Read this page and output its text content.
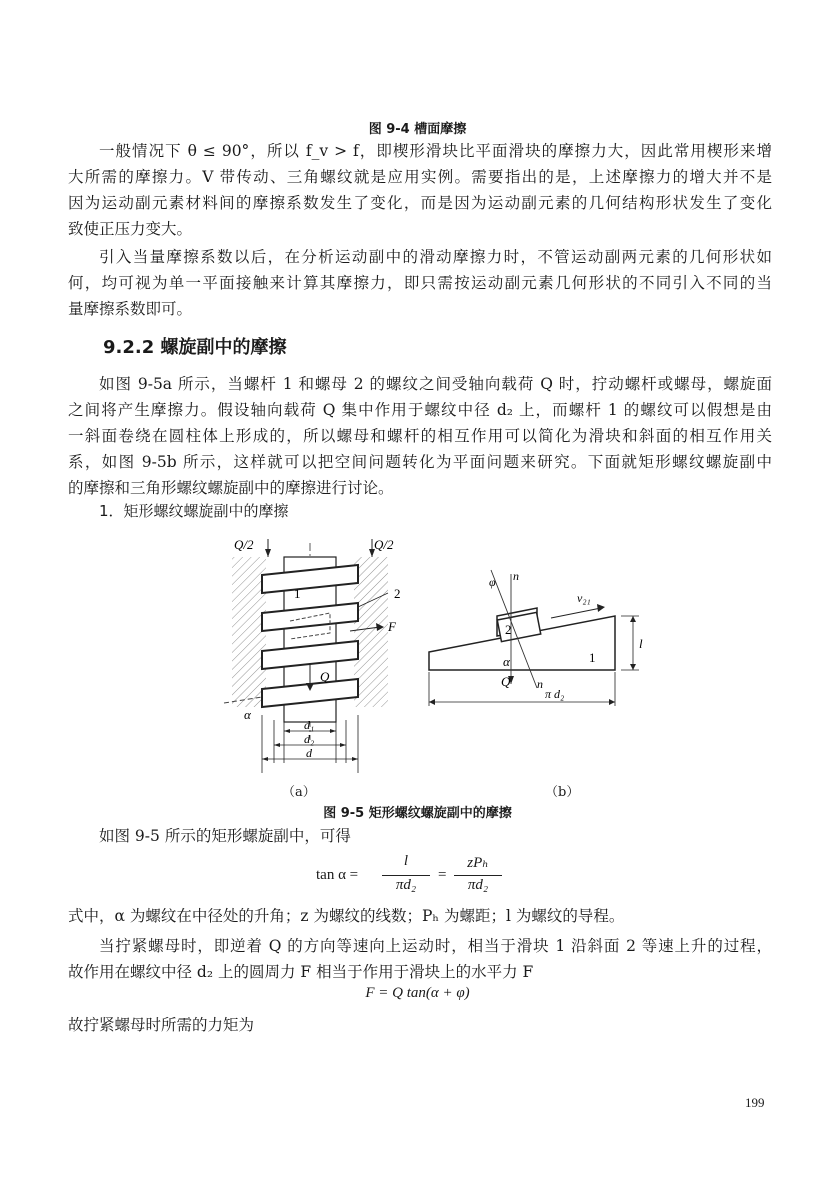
图 9-4 槽面摩擦
一般情况下 θ ≤ 90°，所以 f_v > f，即楔形滑块比平面滑块的摩擦力大，因此常用楔形来增
大所需的摩擦力。V 带传动、三角螺纹就是应用实例。需要指出的是，上述摩擦力的增大并不是
因为运动副元素材料间的摩擦系数发生了变化，而是因为运动副元素的几何结构形状发生了变化
致使正压力变大。
引入当量摩擦系数以后，在分析运动副中的滑动摩擦力时，不管运动副两元素的几何形状如
何，均可视为单一平面接触来计算其摩擦力，即只需按运动副元素几何形状的不同引入不同的当
量摩擦系数即可。
9.2.2 螺旋副中的摩擦
如图 9-5a 所示，当螺杆 1 和螺母 2 的螺纹之间受轴向载荷 Q 时，拧动螺杆或螺母，螺旋面
之间将产生摩擦力。假设轴向载荷 Q 集中作用于螺纹中径 d₂ 上，而螺杆 1 的螺纹可以假想是由
一斜面卷绕在圆柱体上形成的，所以螺母和螺杆的相互作用可以简化为滑块和斜面的相互作用关
系，如图 9-5b 所示，这样就可以把空间问题转化为平面问题来研究。下面就矩形螺纹螺旋副中
的摩擦和三角形螺纹螺旋副中的摩擦进行讨论。
1．矩形螺纹螺旋副中的摩擦
Q/2	Q/2
1	2
F
Q
α
d₁
d₂
d
2
n
φ
n
v₂₁
1
α
Q
l
π d₂
（a）	（b）
图 9-5 矩形螺纹螺旋副中的摩擦
如图 9-5 所示的矩形螺旋副中，可得
tan α =
l
πd₂
=
zPₕ
πd₂
式中，α 为螺纹在中径处的升角；z 为螺纹的线数；Pₕ 为螺距；l 为螺纹的导程。
当拧紧螺母时，即逆着 Q 的方向等速向上运动时，相当于滑块 1 沿斜面 2 等速上升的过程，
故作用在螺纹中径 d₂ 上的圆周力 F 相当于作用于滑块上的水平力 F
F = Q tan(α + φ)
故拧紧螺母时所需的力矩为
199
